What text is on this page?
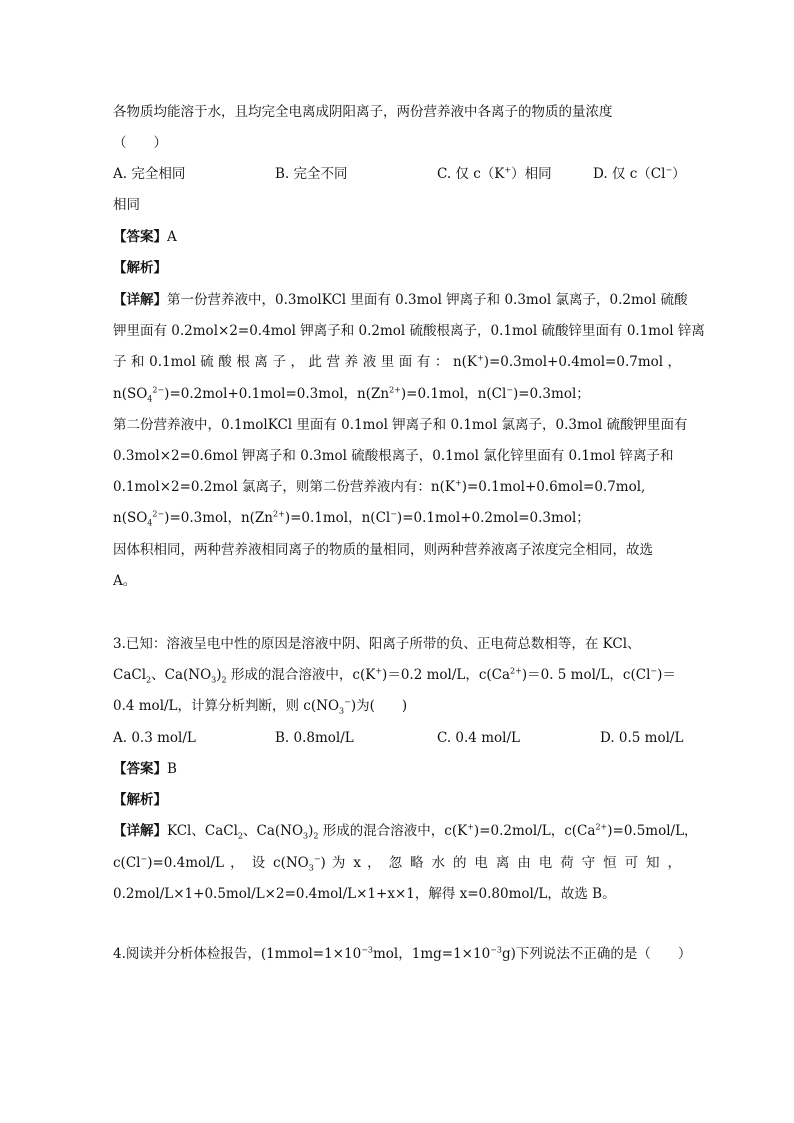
各物质均能溶于水，且均完全电离成阴阳离子，两份营养液中各离子的物质的量浓度
（　　）
A. 完全相同	B. 完全不同	C. 仅 c（K+）相同	D. 仅 c（Cl−）
相同
【答案】A
【解析】
【详解】第一份营养液中，0.3molKCl 里面有 0.3mol 钾离子和 0.3mol 氯离子，0.2mol 硫酸
钾里面有 0.2mol×2=0.4mol 钾离子和 0.2mol 硫酸根离子，0.1mol 硫酸锌里面有 0.1mol 锌离
子 和 0.1mol 硫 酸 根 离 子 ， 此 营 养 液 里 面 有 ： n(K+)=0.3mol+0.4mol=0.7mol ，
$n(SO_4^{2-})=0.2mol+0.1mol=0.3mol$，$n(Zn^{2+})=0.1mol$，n(Cl−)=0.3mol；
第二份营养液中，0.1molKCl 里面有 0.1mol 钾离子和 0.1mol 氯离子，0.3mol 硫酸钾里面有
0.3mol×2=0.6mol 钾离子和 0.3mol 硫酸根离子，0.1mol 氯化锌里面有 0.1mol 锌离子和
0.1mol×2=0.2mol 氯离子，则第二份营养液内有：n(K+)=0.1mol+0.6mol=0.7mol,
$n(SO_4^{2-})=0.3mol$，$n(Zn^{2+})=0.1mol$，n(Cl−)=0.1mol+0.2mol=0.3mol；
因体积相同，两种营养液相同离子的物质的量相同，则两种营养液离子浓度完全相同，故选
A。
3.已知：溶液呈电中性的原因是溶液中阴、阳离子所带的负、正电荷总数相等，在 KCl、
CaCl$_2$、$Ca(NO_3)_2$ 形成的混合溶液中，c(K+)＝0.2 mol/L，$c(Ca^{2+})=0$. 5 mol/L，c(Cl−)＝
0.4 mol/L，计算分析判断，则 $c(NO_3^-)$为(　　)
A. 0.3 mol/L	B. 0.8mol/L	C. 0.4 mol/L	D. 0.5 mol/L
【答案】B
【解析】
【详解】KCl、CaCl$_2$、$Ca(NO_3)_2$ 形成的混合溶液中，c(K+)=0.2mol/L，$c(Ca^{2+})=0.5mol/L$，
c(Cl−)=0.4mol/L ， 设 $c(NO_3^-)$ 为 x ， 忽 略 水 的 电 离 由 电 荷 守 恒 可 知 ，
0.2mol/L×1+0.5mol/L×2=0.4mol/L×1+x×1，解得 x=0.80mol/L，故选 B。
4.阅读并分析体检报告，($1mmol=1\times 10^{-3}mol$，$1mg=1\times 10^{-3}g$)下列说法不正确的是（　　）
